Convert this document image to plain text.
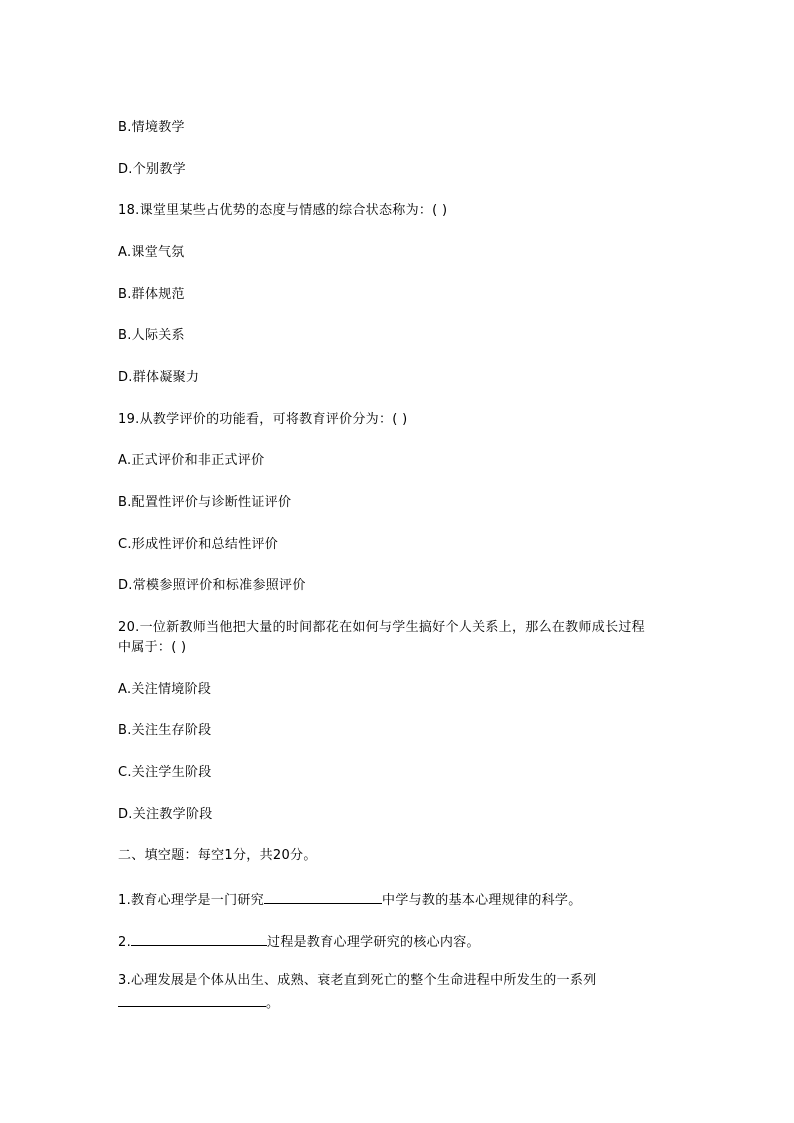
B.情境教学

D.个别教学

18.课堂里某些占优势的态度与情感的综合状态称为：( )

A.课堂气氛

B.群体规范

B.人际关系

D.群体凝聚力

19.从教学评价的功能看，可将教育评价分为：( )

A.正式评价和非正式评价

B.配置性评价与诊断性证评价

C.形成性评价和总结性评价

D.常模参照评价和标准参照评价

20.一位新教师当他把大量的时间都花在如何与学生搞好个人关系上，那么在教师成长过程

中属于：( )

A.关注情境阶段

B.关注生存阶段

C.关注学生阶段

D.关注教学阶段

二、填空题：每空1分，共20分。

1.教育心理学是一门研究	中学与教的基本心理规律的科学。

2.	过程是教育心理学研究的核心内容。

3.心理发展是个体从出生、成熟、衰老直到死亡的整个生命进程中所发生的一系列

。
